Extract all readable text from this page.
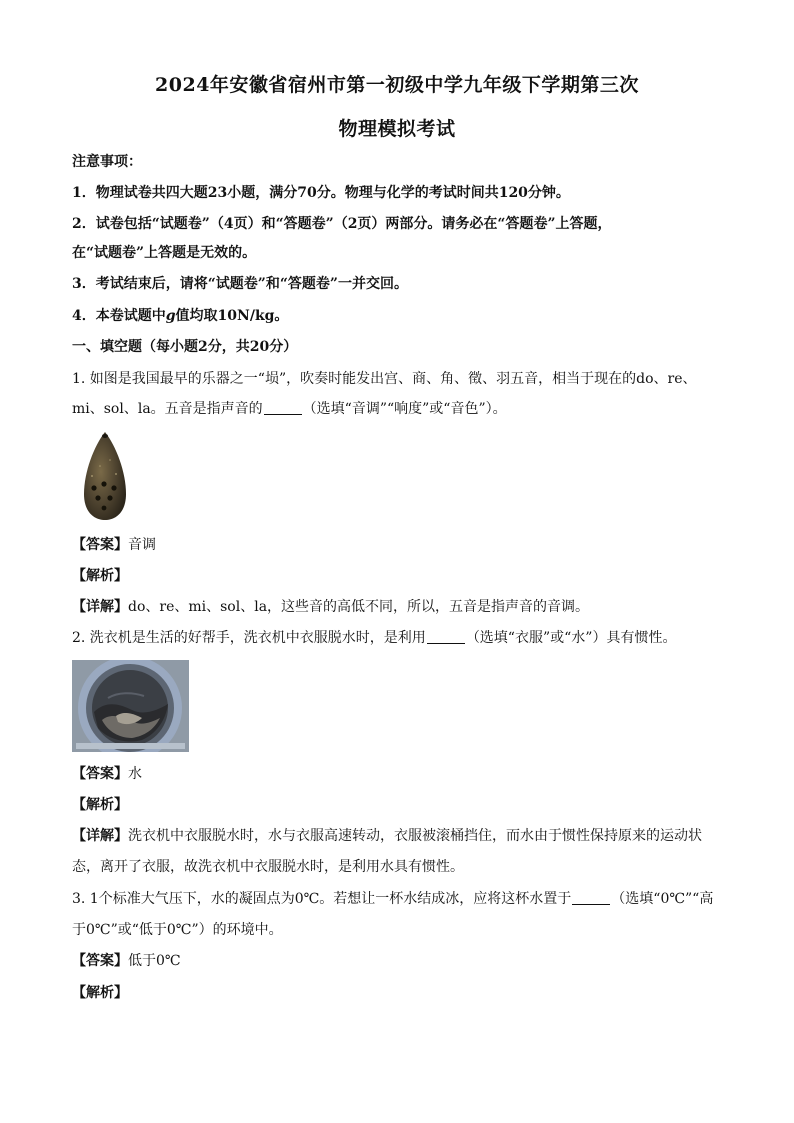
2024年安徽省宿州市第一初级中学九年级下学期第三次
物理模拟考试
注意事项：
1．物理试卷共四大题23小题，满分70分。物理与化学的考试时间共120分钟。
2．试卷包括“试题卷”（4页）和“答题卷”（2页）两部分。请务必在“答题卷”上答题，
在“试题卷”上答题是无效的。
3．考试结束后，请将“试题卷”和“答题卷”一并交回。
4．本卷试题中g值均取10N/kg。
一、填空题（每小题2分，共20分）
1. 如图是我国最早的乐器之一“埙”，吹奏时能发出宫、商、角、徵、羽五音，相当于现在的do、re、
mi、sol、la。五音是指声音的	（选填“音调”“响度”或“音色”）。
【答案】音调
【解析】
【详解】do、re、mi、sol、la，这些音的高低不同，所以，五音是指声音的音调。
2. 洗衣机是生活的好帮手，洗衣机中衣服脱水时，是利用	（选填“衣服”或“水”）具有惯性。
【答案】水
【解析】
【详解】洗衣机中衣服脱水时，水与衣服高速转动，衣服被滚桶挡住，而水由于惯性保持原来的运动状
态，离开了衣服，故洗衣机中衣服脱水时，是利用水具有惯性。
3. 1个标准大气压下，水的凝固点为0℃。若想让一杯水结成冰，应将这杯水置于	（选填“0℃”“高
于0℃”或“低于0℃”）的环境中。
【答案】低于0℃
【解析】
